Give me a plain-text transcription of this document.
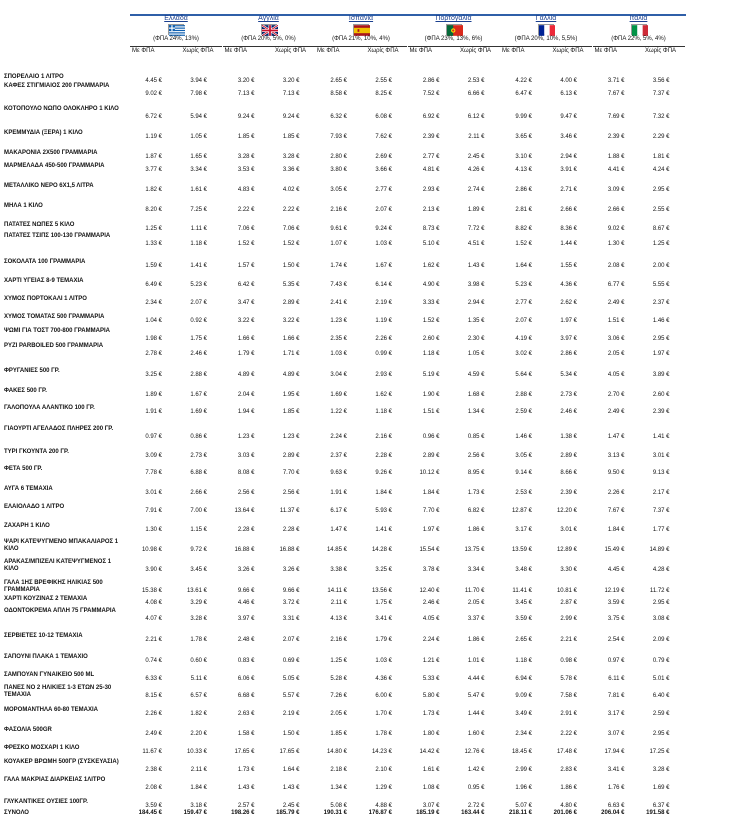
Ελλάδα
(ΦΠΑ 24%, 13%)
Με ΦΠΑ	Χωρίς ΦΠΑ
Αγγλία
(ΦΠΑ 20%, 5%, 0%)
Με ΦΠΑ	Χωρίς ΦΠΑ
Ισπανία
(ΦΠΑ 21%, 10%, 4%)
Με ΦΠΑ	Χωρίς ΦΠΑ
Πορτογαλία
(ΦΠΑ 23%, 13%, 6%)
Με ΦΠΑ	Χωρίς ΦΠΑ
Γαλλία
(ΦΠΑ 20%, 10%, 5,5%)
Με ΦΠΑ	Χωρίς ΦΠΑ
Ιταλία
(ΦΠΑ 22%, 5%, 4%)
Με ΦΠΑ	Χωρίς ΦΠΑ
ΣΠΟΡΕΛΑΙΟ 1 ΛΙΤΡΟ
4.45 €	3.94 €	3.20 €	3.20 €	2.65 €	2.55 €	2.86 €	2.53 €	4.22 €	4.00 €	3.71 €	3.56 €
ΚΑΦΕΣ ΣΤΙΓΜΙΑΙΟΣ 200 ΓΡΑΜΜΑΡΙΑ
9.02 €	7.98 €	7.13 €	7.13 €	8.58 €	8.25 €	7.52 €	6.66 €	6.47 €	6.13 €	7.67 €	7.37 €
ΚΟΤΟΠΟΥΛΟ ΝΩΠΟ ΟΛΟΚΛΗΡΟ 1 ΚΙΛΟ
6.72 €	5.94 €	9.24 €	9.24 €	6.32 €	6.08 €	6.92 €	6.12 €	9.99 €	9.47 €	7.69 €	7.32 €
ΚΡΕΜΜΥΔΙΑ (ΞΕΡΑ) 1 ΚΙΛΟ
1.19 €	1.05 €	1.85 €	1.85 €	7.93 €	7.62 €	2.39 €	2.11 €	3.65 €	3.46 €	2.39 €	2.29 €
ΜΑΚΑΡΟΝΙΑ 2Χ500 ΓΡΑΜΜΑΡΙΑ
1.87 €	1.65 €	3.28 €	3.28 €	2.80 €	2.69 €	2.77 €	2.45 €	3.10 €	2.94 €	1.88 €	1.81 €
ΜΑΡΜΕΛΑΔΑ 450-500 ΓΡΑΜΜΑΡΙΑ
3.77 €	3.34 €	3.53 €	3.36 €	3.80 €	3.66 €	4.81 €	4.26 €	4.13 €	3.91 €	4.41 €	4.24 €
ΜΕΤΑΛΛΙΚΟ ΝΕΡΟ 6Χ1,5 ΛΙΤΡΑ
1.82 €	1.61 €	4.83 €	4.02 €	3.05 €	2.77 €	2.93 €	2.74 €	2.86 €	2.71 €	3.09 €	2.95 €
ΜΗΛΑ 1 ΚΙΛΟ
8.20 €	7.25 €	2.22 €	2.22 €	2.16 €	2.07 €	2.13 €	1.89 €	2.81 €	2.66 €	2.66 €	2.55 €
ΠΑΤΑΤΕΣ ΝΩΠΕΣ 5 ΚΙΛΟ
1.25 €	1.11 €	7.06 €	7.06 €	9.61 €	9.24 €	8.73 €	7.72 €	8.82 €	8.36 €	9.02 €	8.67 €
ΠΑΤΑΤΕΣ ΤΣΙΠΣ 100-130 ΓΡΑΜΜΑΡΙΑ
1.33 €	1.18 €	1.52 €	1.52 €	1.07 €	1.03 €	5.10 €	4.51 €	1.52 €	1.44 €	1.30 €	1.25 €
ΣΟΚΟΛΑΤΑ 100 ΓΡΑΜΜΑΡΙΑ
1.59 €	1.41 €	1.57 €	1.50 €	1.74 €	1.67 €	1.62 €	1.43 €	1.64 €	1.55 €	2.08 €	2.00 €
ΧΑΡΤΙ ΥΓΕΙΑΣ 8-9 ΤΕΜΑΧΙΑ
6.49 €	5.23 €	6.42 €	5.35 €	7.43 €	6.14 €	4.90 €	3.98 €	5.23 €	4.36 €	6.77 €	5.55 €
ΧΥΜΟΣ ΠΟΡΤΟΚΑΛΙ 1 ΛΙΤΡΟ
2.34 €	2.07 €	3.47 €	2.89 €	2.41 €	2.19 €	3.33 €	2.94 €	2.77 €	2.62 €	2.49 €	2.37 €
ΧΥΜΟΣ ΤΟΜΑΤΑΣ 500 ΓΡΑΜΜΑΡΙΑ
1.04 €	0.92 €	3.22 €	3.22 €	1.23 €	1.19 €	1.52 €	1.35 €	2.07 €	1.97 €	1.51 €	1.46 €
ΨΩΜΙ ΓΙΑ ΤΟΣΤ 700-800 ΓΡΑΜΜΑΡΙΑ
1.98 €	1.75 €	1.66 €	1.66 €	2.35 €	2.26 €	2.60 €	2.30 €	4.19 €	3.97 €	3.06 €	2.95 €
ΡΥΖΙ PARBOILED 500 ΓΡΑΜΜΑΡΙΑ
2.78 €	2.46 €	1.79 €	1.71 €	1.03 €	0.99 €	1.18 €	1.05 €	3.02 €	2.86 €	2.05 €	1.97 €
ΦΡΥΓΑΝΙΕΣ 500 ΓΡ.
3.25 €	2.88 €	4.89 €	4.89 €	3.04 €	2.93 €	5.19 €	4.59 €	5.64 €	5.34 €	4.05 €	3.89 €
ΦΑΚΕΣ 500 ΓΡ.
1.89 €	1.67 €	2.04 €	1.95 €	1.69 €	1.62 €	1.90 €	1.68 €	2.88 €	2.73 €	2.70 €	2.60 €
ΓΑΛΟΠΟΥΛΑ ΑΛΑΝΤΙΚΟ 100 ΓΡ.
1.91 €	1.69 €	1.94 €	1.85 €	1.22 €	1.18 €	1.51 €	1.34 €	2.59 €	2.46 €	2.49 €	2.39 €
ΓΙΑΟΥΡΤΙ ΑΓΕΛΑΔΟΣ ΠΛΗΡΕΣ 200 ΓΡ.
0.97 €	0.86 €	1.23 €	1.23 €	2.24 €	2.16 €	0.96 €	0.85 €	1.46 €	1.38 €	1.47 €	1.41 €
ΤΥΡΙ ΓΚΟΥΝΤΑ 200 ΓΡ.
3.09 €	2.73 €	3.03 €	2.89 €	2.37 €	2.28 €	2.89 €	2.56 €	3.05 €	2.89 €	3.13 €	3.01 €
ΦΕΤΑ 500 ΓΡ.
7.78 €	6.88 €	8.08 €	7.70 €	9.63 €	9.26 €	10.12 €	8.95 €	9.14 €	8.66 €	9.50 €	9.13 €
ΑΥΓΑ 6 ΤΕΜΑΧΙΑ
3.01 €	2.66 €	2.56 €	2.56 €	1.91 €	1.84 €	1.84 €	1.73 €	2.53 €	2.39 €	2.26 €	2.17 €
ΕΛΑΙΟΛΑΔΟ 1 ΛΙΤΡΟ
7.91 €	7.00 €	13.64 €	11.37 €	6.17 €	5.93 €	7.70 €	6.82 €	12.87 €	12.20 €	7.67 €	7.37 €
ΖΑΧΑΡΗ 1 ΚΙΛΟ
1.30 €	1.15 €	2.28 €	2.28 €	1.47 €	1.41 €	1.97 €	1.86 €	3.17 €	3.01 €	1.84 €	1.77 €
ΨΑΡΙ ΚΑΤΕΨΥΓΜΕΝΟ ΜΠΑΚΑΛΙΑΡΟΣ 1 ΚΙΛΟ	10.98 €	9.72 €	16.88 €	16.88 €	14.85 €	14.28 €	15.54 €	13.75 €	13.59 €	12.89 €	15.49 €	14.89 €
ΑΡΑΚΑΣ/ΜΠΙΖΕΛΙ ΚΑΤΕΨΥΓΜΕΝΟΣ 1 ΚΙΛΟ	3.90 €	3.45 €	3.26 €	3.26 €	3.38 €	3.25 €	3.78 €	3.34 €	3.48 €	3.30 €	4.45 €	4.28 €
ΓΑΛΑ 1ΗΣ ΒΡΕΦΙΚΗΣ ΗΛΙΚΙΑΣ 500 ΓΡΑΜΜΑΡΙΑ	15.38 €	13.61 €	9.66 €	9.66 €	14.11 €	13.56 €	12.40 €	11.70 €	11.41 €	10.81 €	12.19 €	11.72 €
ΧΑΡΤΙ ΚΟΥΖΙΝΑΣ 2 ΤΕΜΑΧΙΑ
4.08 €	3.29 €	4.46 €	3.72 €	2.11 €	1.75 €	2.46 €	2.05 €	3.45 €	2.87 €	3.59 €	2.95 €
ΟΔΟΝΤΟΚΡΕΜΑ ΑΠΛΗ 75 ΓΡΑΜΜΑΡΙΑ
4.07 €	3.28 €	3.97 €	3.31 €	4.13 €	3.41 €	4.05 €	3.37 €	3.59 €	2.99 €	3.75 €	3.08 €
ΣΕΡΒΙΕΤΕΣ 10-12 ΤΕΜΑΧΙΑ
2.21 €	1.78 €	2.48 €	2.07 €	2.16 €	1.79 €	2.24 €	1.86 €	2.65 €	2.21 €	2.54 €	2.09 €
ΣΑΠΟΥΝΙ ΠΛΑΚΑ 1 ΤΕΜΑΧΙΟ
0.74 €	0.60 €	0.83 €	0.69 €	1.25 €	1.03 €	1.21 €	1.01 €	1.18 €	0.98 €	0.97 €	0.79 €
ΣΑΜΠΟΥΑΝ ΓΥΝΑΙΚΕΙΟ 500 ML
6.33 €	5.11 €	6.06 €	5.05 €	5.28 €	4.36 €	5.33 €	4.44 €	6.94 €	5.78 €	6.11 €	5.01 €
ΠΑΝΕΣ ΝΟ 2 ΗΛΙΚΙΕΣ 1-3 ΕΤΩΝ 25-30 ΤΕΜΑΧΙΑ	8.15 €	6.57 €	6.68 €	5.57 €	7.26 €	6.00 €	5.80 €	5.47 €	9.09 €	7.58 €	7.81 €	6.40 €
ΜΟΡΟΜΑΝΤΗΛΑ 60-80 ΤΕΜΑΧΙΑ
2.26 €	1.82 €	2.63 €	2.19 €	2.05 €	1.70 €	1.73 €	1.44 €	3.49 €	2.91 €	3.17 €	2.59 €
ΦΑΣΟΛΙΑ 500GR
2.49 €	2.20 €	1.58 €	1.50 €	1.85 €	1.78 €	1.80 €	1.60 €	2.34 €	2.22 €	3.07 €	2.95 €
ΦΡΕΣΚΟ ΜΟΣΧΑΡΙ 1 ΚΙΛΟ
11.67 €	10.33 €	17.65 €	17.65 €	14.80 €	14.23 €	14.42 €	12.76 €	18.45 €	17.48 €	17.94 €	17.25 €
ΚΟΥΑΚΕΡ ΒΡΩΜΗ 500ΓΡ (ΣΥΣΚΕΥΑΣΙΑ)
2.38 €	2.11 €	1.73 €	1.64 €	2.18 €	2.10 €	1.61 €	1.42 €	2.99 €	2.83 €	3.41 €	3.28 €
ΓΑΛΑ ΜΑΚΡΙΑΣ ΔΙΑΡΚΕΙΑΣ 1ΛΙΤΡΟ
2.08 €	1.84 €	1.43 €	1.43 €	1.34 €	1.29 €	1.08 €	0.95 €	1.96 €	1.86 €	1.76 €	1.69 €
ΓΛΥΚΑΝΤΙΚΕΣ ΟΥΣΙΕΣ 100ΓΡ.
3.59 €	3.18 €	2.57 €	2.45 €	5.08 €	4.88 €	3.07 €	2.72 €	5.07 €	4.80 €	6.63 €	6.37 €
ΣΥΝΟΛΟ	184.45 €	159.47 €	198.26 €	185.79 €	190.31 €	176.87 €	185.19 €	163.44 €	218.11 €	201.06 €	206.04 €	191.58 €
